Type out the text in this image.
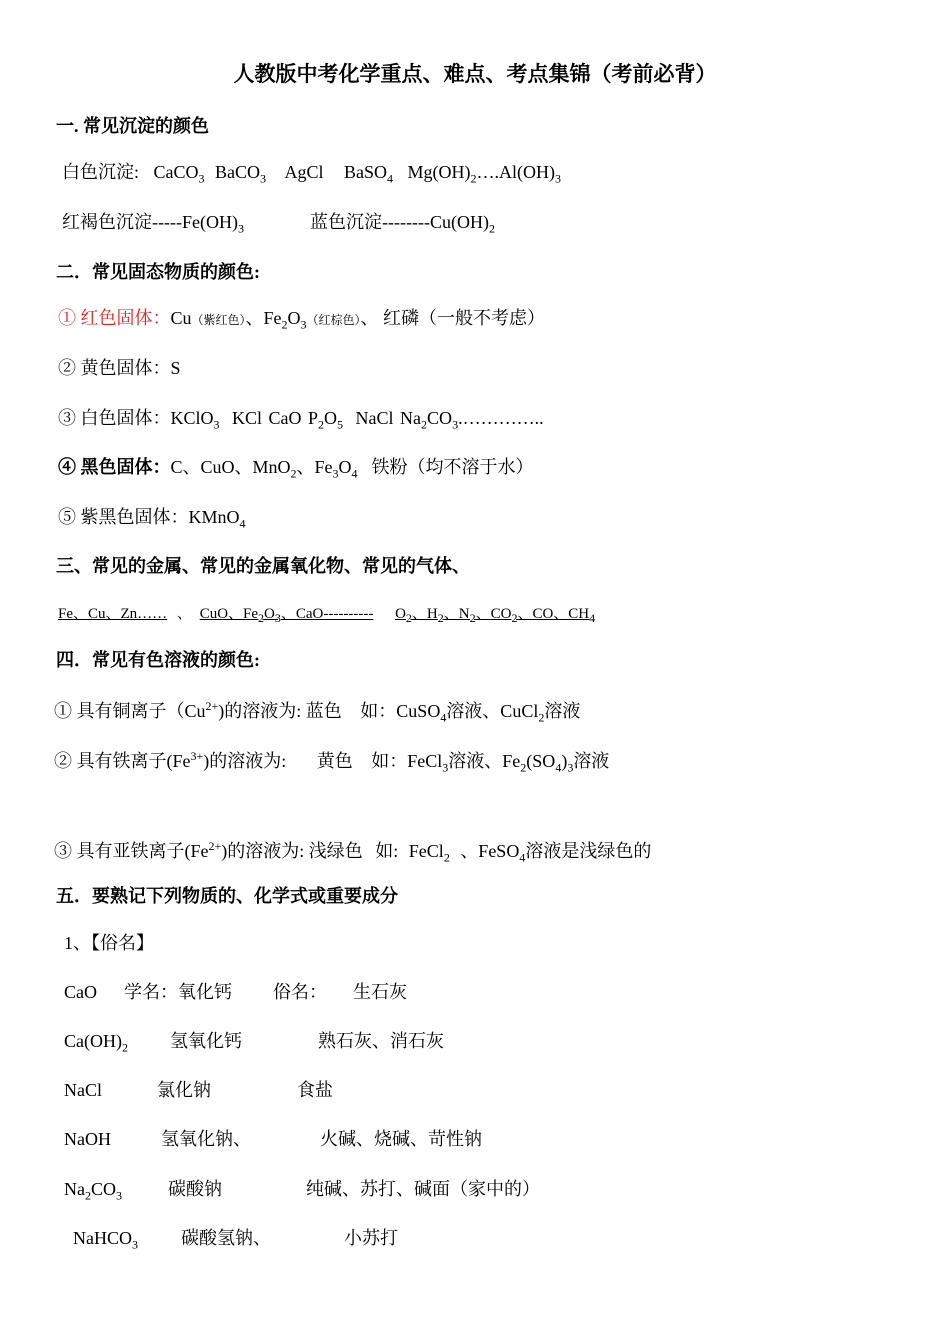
人教版中考化学重点、难点、考点集锦（考前必背）
一. 常见沉淀的颜色
白色沉淀: CaCO$_3$ BaCO$_3$ AgCl BaSO$_4$ $Mg(OH)_2\dots.Al(OH)_3$
红褐色沉淀$-----Fe(OH)_3$	蓝色沉淀$--------Cu(OH)_2$
二．常见固态物质的颜色:
① 红色固体：Cu（紫红色）、$Fe_2O_3$（红棕色）、 红磷（一般不考虑）
② 黄色固体：S
③ 白色固体：KClO$_3$ KCl CaO $P_2O_5$ NaCl $Na_2CO_3.\dots\dots\dots\dots$..
④ 黑色固体：C、CuO、MnO$_2$、$Fe_3O_4$ 铁粉（均不溶于水）
⑤ 紫黑色固体：KMnO$_4$
三、常见的金属、常见的金属氧化物、常见的气体、
Fe、Cu、Zn…… 、 CuO、$Fe_2O_3$、CaO---------- $O_2$、$H_2$、$N_2$、$CO_2$、CO、$CH_4$
四．常见有色溶液的颜色:
① 具有铜离子$(Cu^{2+})$的溶液为: 蓝色 如：CuSO$_4$溶液、CuCl$_2$溶液
② 具有铁离子$(Fe^{3+})$的溶液为: 黄色 如：FeCl$_3$溶液、$Fe_2(SO_4)_3$溶液
③ 具有亚铁离子$(Fe^{2+})$的溶液为: 浅绿色 如: FeCl$_2$ 、FeSO$_4$溶液是浅绿色的
五．要熟记下列物质的、化学式或重要成分
1、【俗名】
CaO 学名：氧化钙 俗名： 生石灰
$Ca(OH)_2$ 氢氧化钙	熟石灰、消石灰
NaCl	氯化钠	食盐
NaOH	氢氧化钠、	火碱、烧碱、苛性钠
$Na_2CO_3$	碳酸钠	纯碱、苏打、碱面（家中的）
NaHCO$_3$ 碳酸氢钠、	小苏打
